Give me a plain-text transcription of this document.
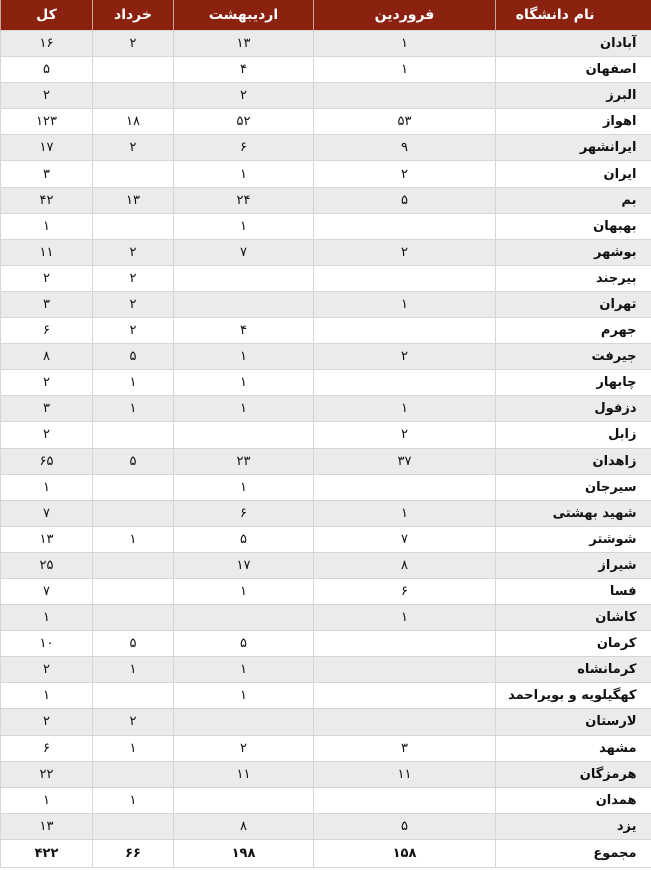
نام دانشگاه	فروردین	اردیبهشت	خرداد	کل
آبادان	۱	۱۳	۲	۱۶
اصفهان	۱	۴		۵
البرز		۲		۲
اهواز	۵۳	۵۲	۱۸	۱۲۳
ایرانشهر	۹	۶	۲	۱۷
ایران	۲	۱		۳
بم	۵	۲۴	۱۳	۴۲
بهبهان		۱		۱
بوشهر	۲	۷	۲	۱۱
بیرجند			۲	۲
تهران	۱		۲	۳
جهرم		۴	۲	۶
جیرفت	۲	۱	۵	۸
چابهار		۱	۱	۲
دزفول	۱	۱	۱	۳
زابل	۲			۲
زاهدان	۳۷	۲۳	۵	۶۵
سیرجان		۱		۱
شهید بهشتی	۱	۶		۷
شوشتر	۷	۵	۱	۱۳
شیراز	۸	۱۷		۲۵
فسا	۶	۱		۷
کاشان	۱			۱
کرمان		۵	۵	۱۰
کرمانشاه		۱	۱	۲
کهگیلویه و بویراحمد		۱		۱
لارستان			۲	۲
مشهد	۳	۲	۱	۶
هرمزگان	۱۱	۱۱		۲۲
همدان			۱	۱
یزد	۵	۸		۱۳
مجموع	۱۵۸	۱۹۸	۶۶	۴۲۲
